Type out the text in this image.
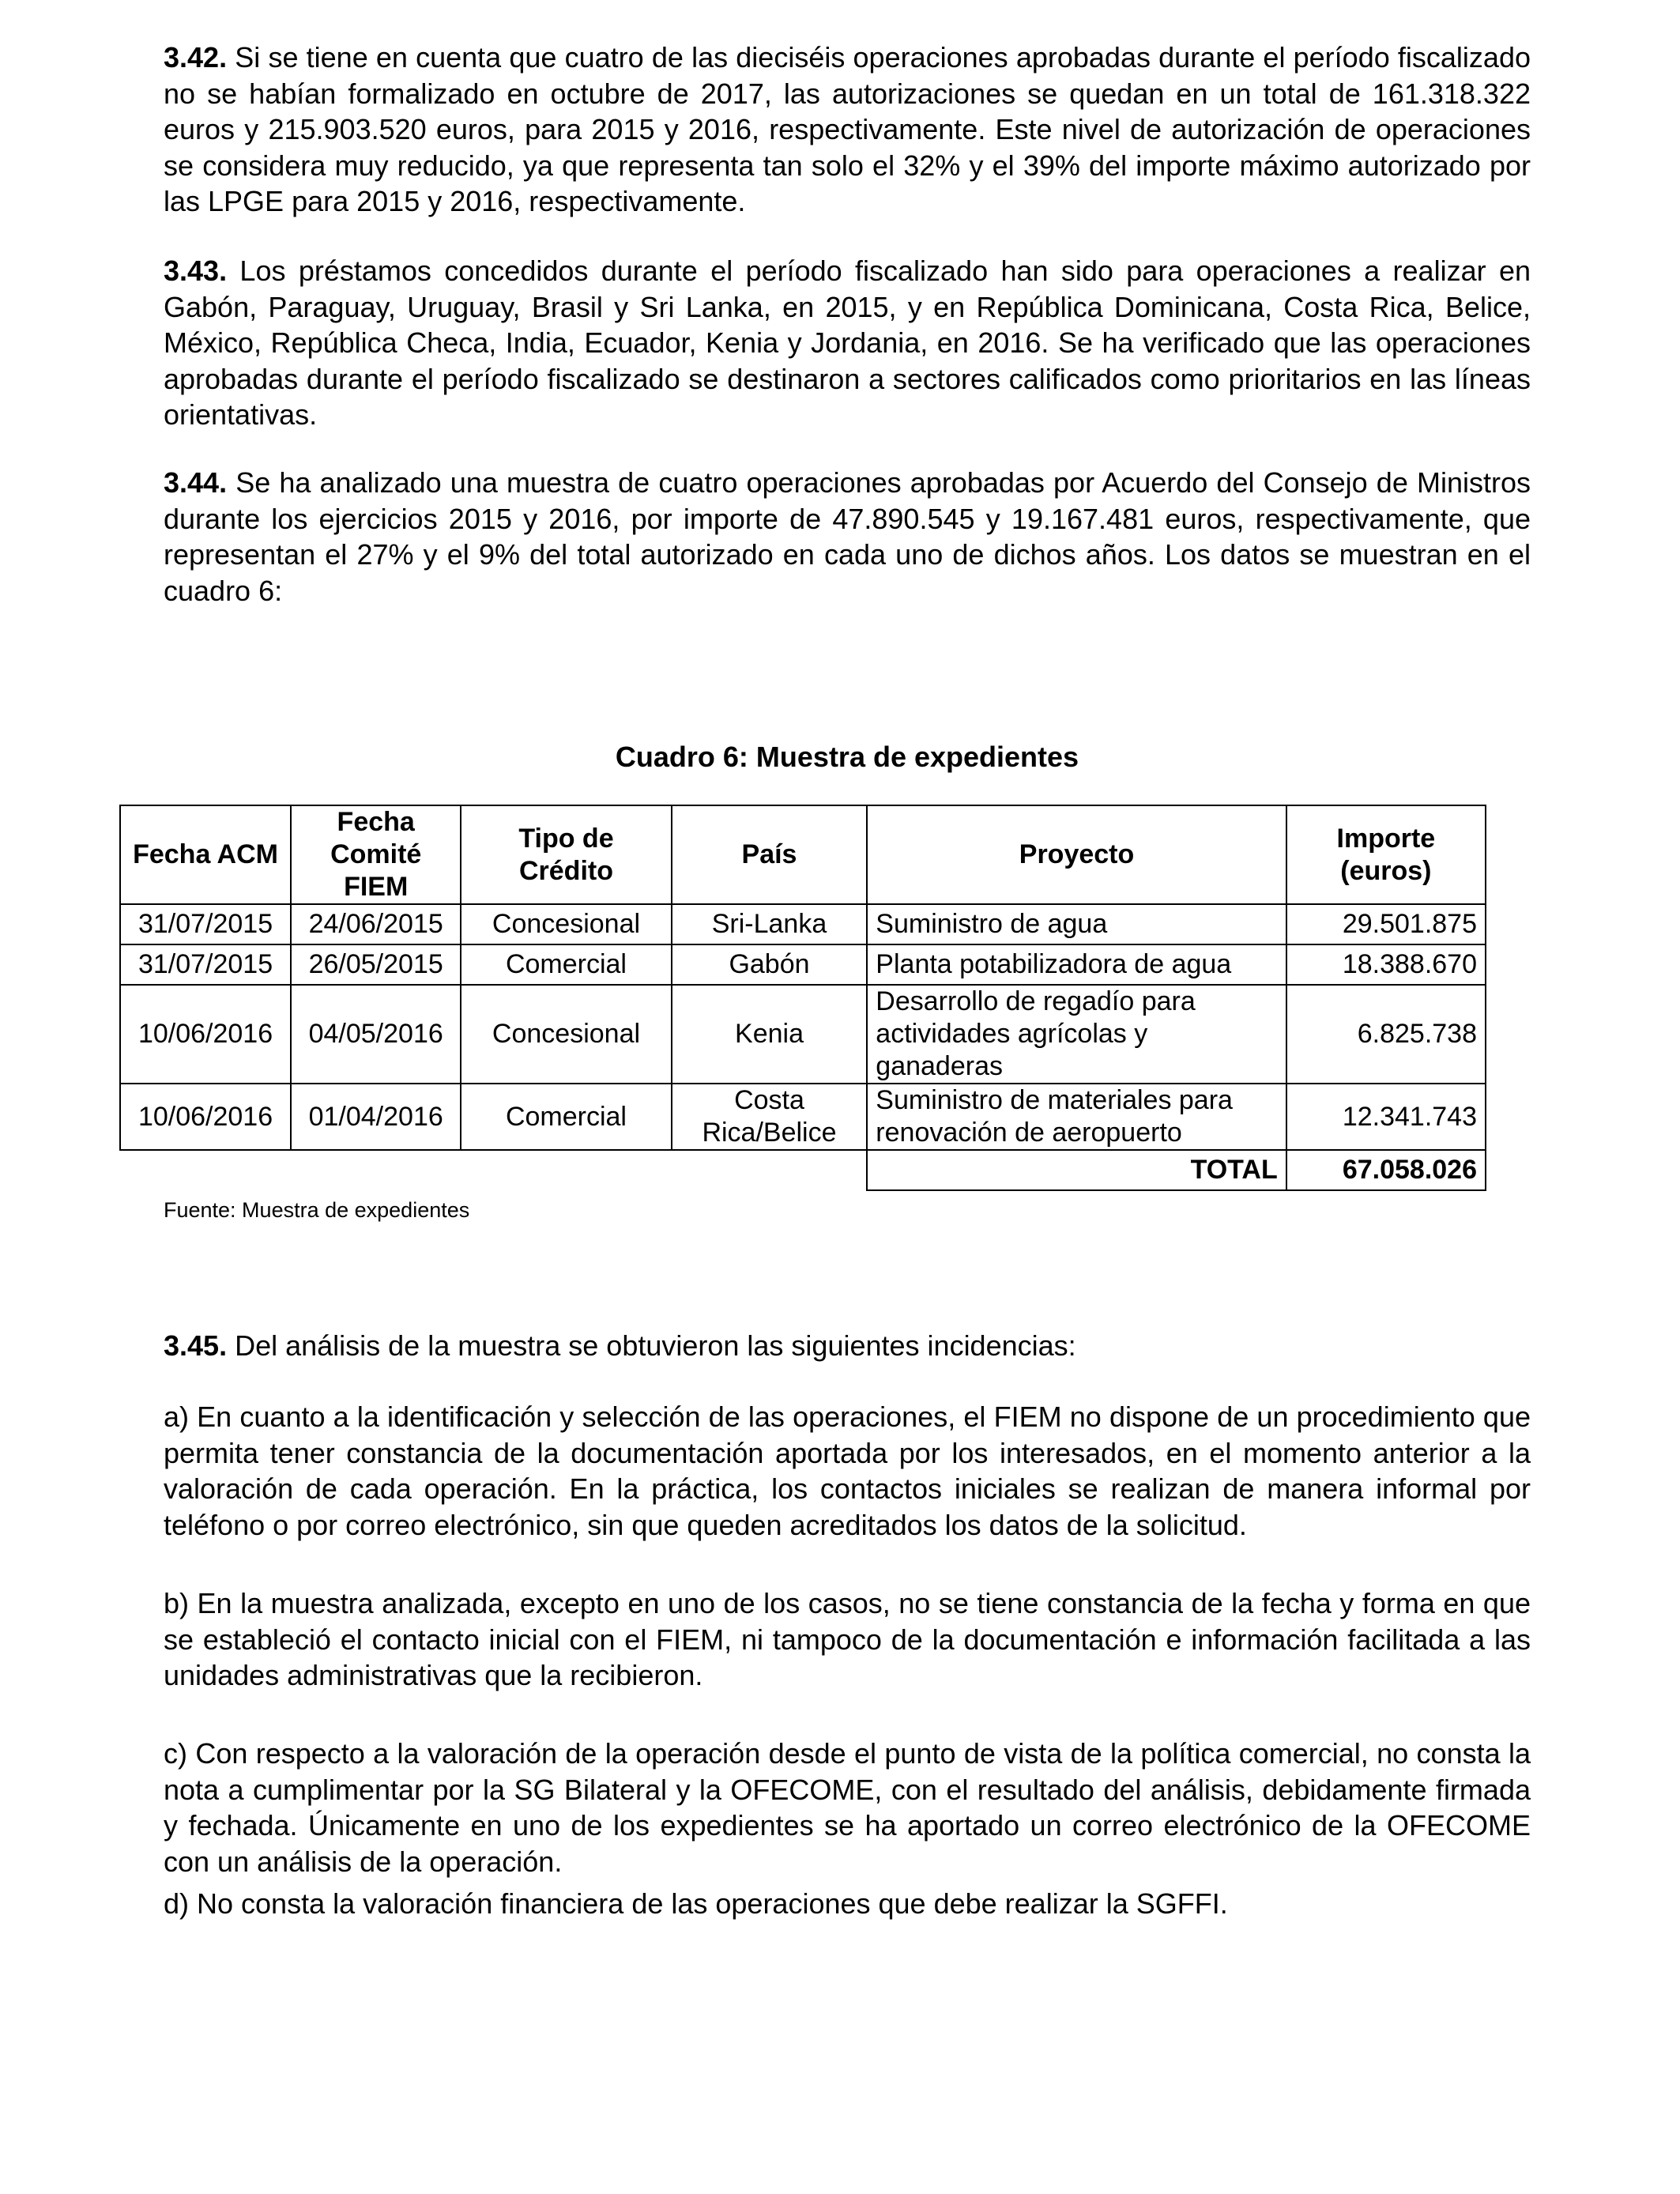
3.42. Si se tiene en cuenta que cuatro de las dieciséis operaciones aprobadas durante el período fiscalizado no se habían formalizado en octubre de 2017, las autorizaciones se quedan en un total de 161.318.322 euros y 215.903.520 euros, para 2015 y 2016, respectivamente. Este nivel de autorización de operaciones se considera muy reducido, ya que representa tan solo el 32% y el 39% del importe máximo autorizado por las LPGE para 2015 y 2016, respectivamente.

3.43. Los préstamos concedidos durante el período fiscalizado han sido para operaciones a realizar en Gabón, Paraguay, Uruguay, Brasil y Sri Lanka, en 2015, y en República Dominicana, Costa Rica, Belice, México, República Checa, India, Ecuador, Kenia y Jordania, en 2016. Se ha verificado que las operaciones aprobadas durante el período fiscalizado se destinaron a sectores calificados como prioritarios en las líneas orientativas.

3.44. Se ha analizado una muestra de cuatro operaciones aprobadas por Acuerdo del Consejo de Ministros durante los ejercicios 2015 y 2016, por importe de 47.890.545 y 19.167.481 euros, respectivamente, que representan el 27% y el 9% del total autorizado en cada uno de dichos años. Los datos se muestran en el cuadro 6:

Cuadro 6: Muestra de expedientes
Fecha ACM	Fecha Comité FIEM	Tipo de Crédito	País	Proyecto	Importe (euros)
31/07/2015	24/06/2015	Concesional	Sri-Lanka	Suministro de agua	29.501.875
31/07/2015	26/05/2015	Comercial	Gabón	Planta potabilizadora de agua	18.388.670
10/06/2016	04/05/2016	Concesional	Kenia	Desarrollo de regadío para actividades agrícolas y ganaderas	6.825.738
10/06/2016	01/04/2016	Comercial	Costa Rica/Belice	Suministro de materiales para renovación de aeropuerto	12.341.743
				TOTAL	67.058.026
Fuente: Muestra de expedientes

3.45. Del análisis de la muestra se obtuvieron las siguientes incidencias:

a) En cuanto a la identificación y selección de las operaciones, el FIEM no dispone de un procedimiento que permita tener constancia de la documentación aportada por los interesados, en el momento anterior a la valoración de cada operación. En la práctica, los contactos iniciales se realizan de manera informal por teléfono o por correo electrónico, sin que queden acreditados los datos de la solicitud.

b) En la muestra analizada, excepto en uno de los casos, no se tiene constancia de la fecha y forma en que se estableció el contacto inicial con el FIEM, ni tampoco de la documentación e información facilitada a las unidades administrativas que la recibieron.

c) Con respecto a la valoración de la operación desde el punto de vista de la política comercial, no consta la nota a cumplimentar por la SG Bilateral y la OFECOME, con el resultado del análisis, debidamente firmada y fechada. Únicamente en uno de los expedientes se ha aportado un correo electrónico de la OFECOME con un análisis de la operación.

d) No consta la valoración financiera de las operaciones que debe realizar la SGFFI.
